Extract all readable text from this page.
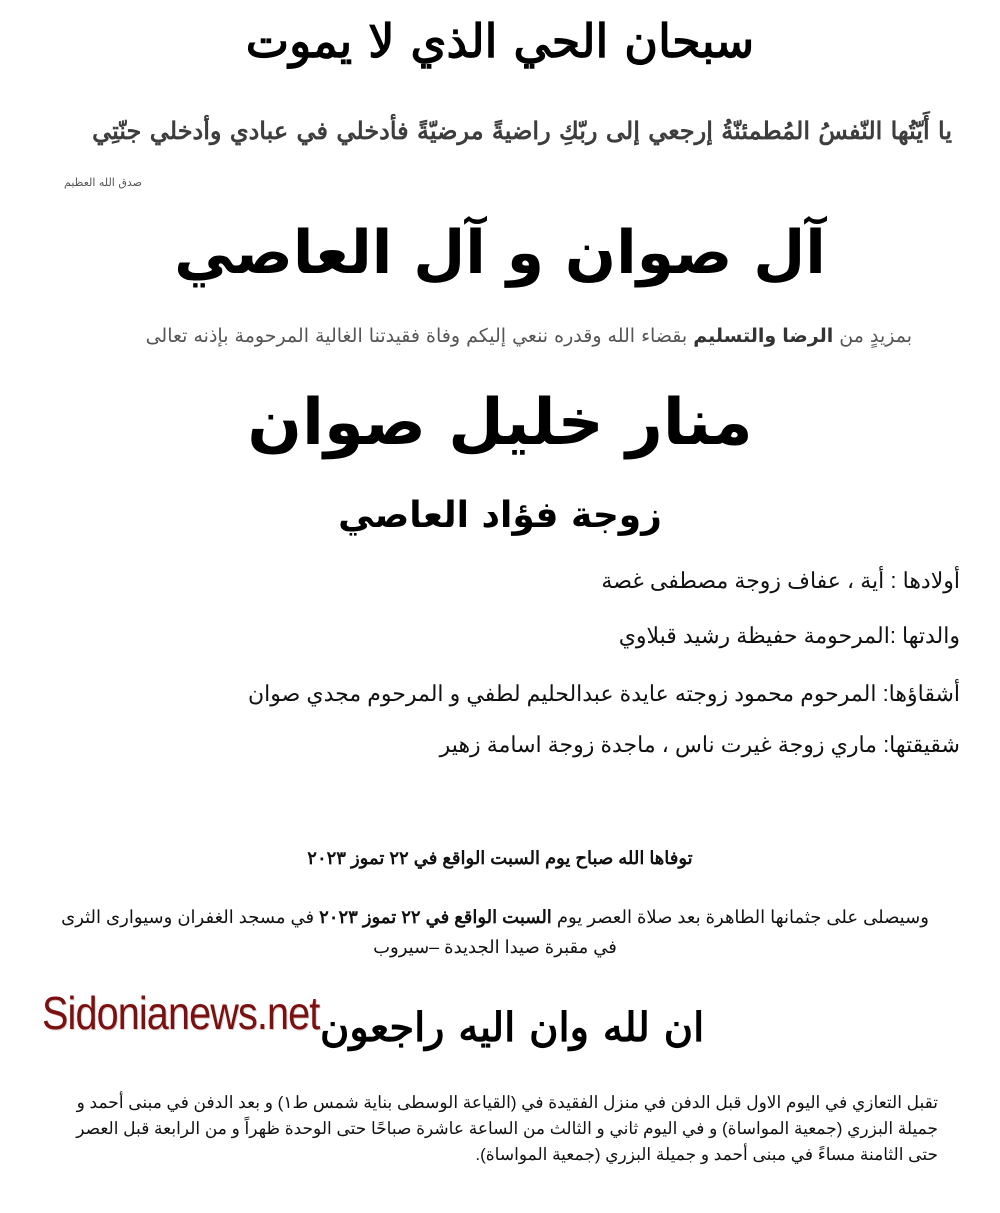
سبحان الحي الذي لا يموت
يا أَيّتُها النّفسُ المُطمئنّةُ إرجعي إلى ربّكِ راضيةً مرضيّةً فأدخلي في عبادي وأدخلي جنّتِي
صدق الله العظيم
آل صوان و آل العاصي
بمزيدٍ من الرضا والتسليم بقضاء الله وقدره ننعي إليكم وفاة فقيدتنا الغالية المرحومة بإذنه تعالى
منار خليل صوان
زوجة فؤاد العاصي
أولادها : أية ، عفاف زوجة مصطفى غصة
والدتها :المرحومة حفيظة رشيد قبلاوي
أشقاؤها: المرحوم محمود زوجته عايدة عبدالحليم لطفي و المرحوم مجدي صوان
شقيقتها: ماري زوجة غيرت ناس ، ماجدة زوجة اسامة زهير
توفاها الله صباح يوم السبت الواقع في ٢٢ تموز ٢٠٢٣
وسيصلى على جثمانها الطاهرة بعد صلاة العصر يوم السبت الواقع في ٢٢ تموز ٢٠٢٣ في مسجد الغفران وسيوارى الثرى في مقبرة صيدا الجديدة –سيروب
Sidonianews.net ان لله وان اليه راجعون
تقبل التعازي في اليوم الاول قبل الدفن في منزل الفقيدة في (القياعة الوسطى بناية شمس ط١) و بعد الدفن في مبنى أحمد و جميلة البزري (جمعية المواساة) و في اليوم ثاني و الثالث من الساعة عاشرة صباحًا حتى الوحدة ظهراً و من الرابعة قبل العصر حتى الثامنة مساءً في مبنى أحمد و جميلة البزري (جمعية المواساة).
